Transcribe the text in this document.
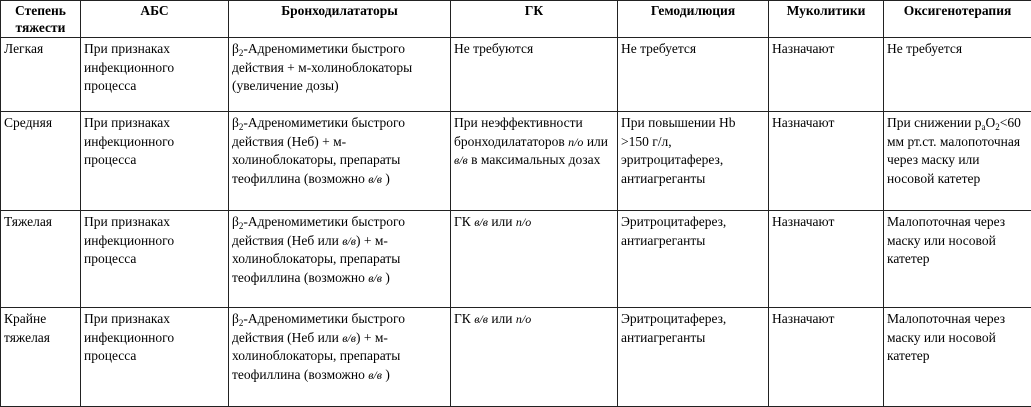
Степень тяжести	АБС	Бронходилататоры	ГК	Гемодилюция	Муколитики	Оксигенотерапия
Легкая	При признаках инфекционного процесса	$\beta_2$-Адреномиметики быстрого действия + м-холиноблокаторы (увеличение дозы)	Не требуются	Не требуется	Назначают	Не требуется
Средняя	При признаках инфекционного процесса	$\beta_2$-Адреномиметики быстрого действия (Неб) + м-холиноблокаторы, препараты теофиллина (возможно в/в )	При неэффективности бронходилататоров п/о или в/в в максимальных дозах	При повышении Hb >150 г/л, эритроцитаферез, антиагреганты	Назначают	При снижении $p_aO_2<60$ мм рт.ст. малопоточная через маску или носовой катетер
Тяжелая	При признаках инфекционного процесса	$\beta_2$-Адреномиметики быстрого действия (Неб или в/в) + м-холиноблокаторы, препараты теофиллина (возможно в/в )	ГК в/в или п/о	Эритроцитаферез, антиагреганты	Назначают	Малопоточная через маску или носовой катетер
Крайне тяжелая	При признаках инфекционного процесса	$\beta_2$-Адреномиметики быстрого действия (Неб или в/в) + м-холиноблокаторы, препараты теофиллина (возможно в/в )	ГК в/в или п/о	Эритроцитаферез, антиагреганты	Назначают	Малопоточная через маску или носовой катетер
